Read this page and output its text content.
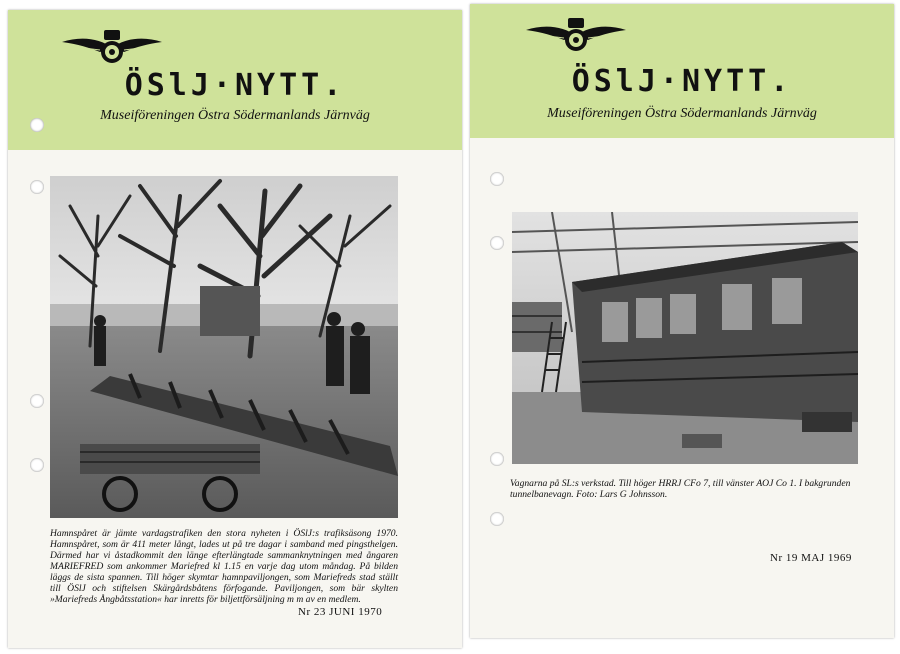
ÖSlJ·NYTT.
Museiföreningen Östra Södermanlands Järnväg
Hamnspåret är jämte vardagstrafiken den stora nyheten i ÖSlJ:s trafiksäsong 1970. Hamnspåret, som är 411 meter långt, lades ut på tre dagar i samband med pingsthelgen. Därmed har vi åstadkommit den länge efterlängtade sammanknytningen med ångaren MARIEFRED som ankommer Mariefred kl 1.15 en varje dag utom måndag. På bilden läggs de sista spannen. Till höger skymtar hamnpaviljongen, som Mariefreds stad ställt till ÖSlJ och stiftelsen Skärgårdsbåtens förfogande. Paviljongen, som bär skylten »Mariefreds Ångbåtsstation« har inretts för biljettförsäljning m m av en medlem.
Nr 23 JUNI 1970
ÖSlJ·NYTT.
Museiföreningen Östra Södermanlands Järnväg
Vagnarna på SL:s verkstad. Till höger HRRJ CFo 7, till vänster AOJ Co 1. I bakgrunden tunnelbanevagn. Foto: Lars G Johnsson.
Nr 19 MAJ 1969
